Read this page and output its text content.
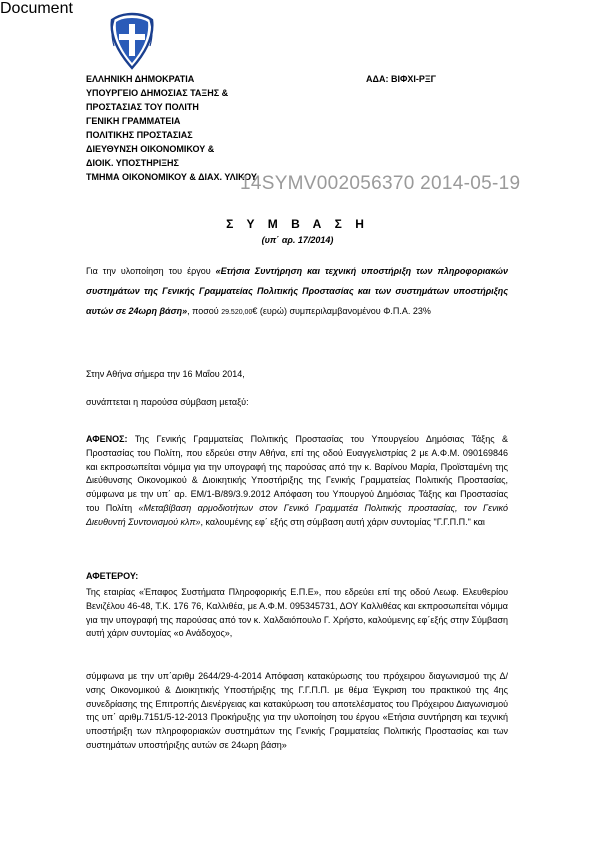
Document
ΕΛΛΗΝΙΚΗ ΔΗΜΟΚΡΑΤΙΑ
ΥΠΟΥΡΓΕΙΟ ΔΗΜΟΣΙΑΣ ΤΑΞΗΣ &
ΠΡΟΣΤΑΣΙΑΣ ΤΟΥ ΠΟΛΙΤΗ
ΓΕΝΙΚΗ ΓΡΑΜΜΑΤΕΙΑ
ΠΟΛΙΤΙΚΗΣ ΠΡΟΣΤΑΣΙΑΣ
ΔΙΕΥΘΥΝΣΗ ΟΙΚΟΝΟΜΙΚΟΥ &
ΔΙΟΙΚ. ΥΠΟΣΤΗΡΙΞΗΣ
ΤΜΗΜΑ ΟΙΚΟΝΟΜΙΚΟΥ & ΔΙΑΧ. ΥΛΙΚΟΥ
ΑΔΑ: ΒΙΦΧΙ-ΡΞΓ
14SYMV002056370 2014-05-19
Σ Υ Μ Β Α Σ Η
(υπ΄ αρ. 17/2014)
Για την υλοποίηση του έργου «Ετήσια Συντήρηση και τεχνική υποστήριξη των πληροφοριακών συστημάτων της Γενικής Γραμματείας Πολιτικής Προστασίας και των συστημάτων υποστήριξης αυτών σε 24ωρη βάση», ποσού 29.520,00€ (ευρώ) συμπεριλαμβανομένου Φ.Π.Α. 23%
Στην Αθήνα σήμερα την 16 Μαΐου 2014,
συνάπτεται η παρούσα σύμβαση μεταξύ:
ΑΦΕΝΟΣ: Της Γενικής Γραμματείας Πολιτικής Προστασίας του Υπουργείου Δημόσιας Τάξης & Προστασίας του Πολίτη, που εδρεύει στην Αθήνα, επί της οδού Ευαγγελιστρίας 2 με Α.Φ.Μ. 090169846 και εκπροσωπείται νόμιμα για την υπογραφή της παρούσας από την κ. Βαρίνου Μαρία, Προϊσταμένη της Διεύθυνσης Οικονομικού & Διοικητικής Υποστήριξης της Γενικής Γραμματείας Πολιτικής Προστασίας, σύμφωνα με την υπ΄ αρ. ΕΜ/1-Β/89/3.9.2012 Απόφαση του Υπουργού Δημόσιας Τάξης και Προστασίας του Πολίτη «Μεταβίβαση αρμοδιοτήτων στον Γενικό Γραμματέα Πολιτικής προστασίας, τον Γενικό Διευθυντή Συντονισμού κλπ», καλουμένης εφ΄ εξής στη σύμβαση αυτή χάριν συντομίας "Γ.Γ.Π.Π." και
ΑΦΕΤΕΡΟΥ:
Της εταιρίας «Έπαφος Συστήματα Πληροφορικής Ε.Π.Ε», που εδρεύει επί της οδού Λεωφ. Ελευθερίου Βενιζέλου 46-48, Τ.Κ. 176 76, Καλλιθέα, με Α.Φ.Μ. 095345731, ΔΟΥ Καλλιθέας και εκπροσωπείται νόμιμα για την υπογραφή της παρούσας από τον κ. Χαλδαιόπουλο Γ. Χρήστο, καλούμενης εφ΄εξής στην Σύμβαση αυτή χάριν συντομίας «ο Ανάδοχος»,
σύμφωνα με την υπ΄αριθμ 2644/29-4-2014 Απόφαση κατακύρωσης του πρόχειρου διαγωνισμού της Δ/νσης Οικονομικού & Διοικητικής Υποστήριξης της Γ.Γ.Π.Π. με θέμα Έγκριση του πρακτικού της 4ης συνεδρίασης της Επιτροπής Διενέργειας και κατακύρωση του αποτελέσματος του Πρόχειρου Διαγωνισμού της υπ΄ αριθμ.7151/5-12-2013 Προκήρυξης για την υλοποίηση του έργου «Ετήσια συντήρηση και τεχνική υποστήριξη των πληροφοριακών συστημάτων της Γενικής Γραμματείας Πολιτικής Προστασίας και των συστημάτων υποστήριξης αυτών σε 24ωρη βάση»
